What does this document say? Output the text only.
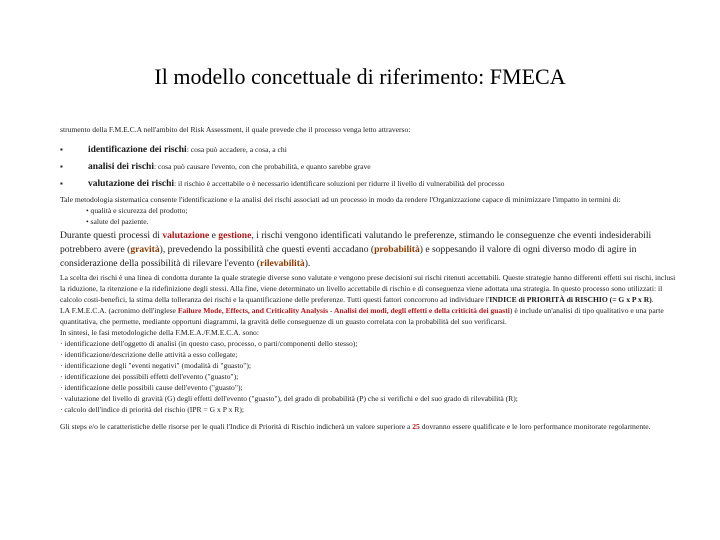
Il modello concettuale di riferimento: FMECA

strumento della F.M.E.C.A nell'ambito del Risk Assessment, il quale prevede che il processo venga letto attraverso:

▪	identificazione dei rischi: cosa può accadere, a cosa, a chi
▪	analisi dei rischi: cosa può causare l'evento, con che probabilità, e quanto sarebbe grave
▪	valutazione dei rischi: il rischio è accettabile o è necessario identificare soluzioni per ridurre il livello di vulnerabilità del processo

Tale metodologia sistematica consente l'identificazione e la analisi dei rischi associati ad un processo in modo da rendere l'Organizzazione capace di minimizzare l'impatto in termini di:

• qualità e sicurezza del prodotto;

• salute del paziente.

Durante questi processi di valutazione e gestione, i rischi vengono identificati valutando le preferenze, stimando le conseguenze che eventi indesiderabili potrebbero avere (gravità), prevedendo la possibilità che questi eventi accadano (probabilità) e soppesando il valore di ogni diverso modo di agire in considerazione della possibilità di rilevare l'evento (rilevabilità).

La scelta dei rischi è una linea di condotta durante la quale strategie diverse sono valutate e vengono prese decisioni sui rischi ritenuti accettabili. Queste strategie hanno differenti effetti sui rischi, inclusi la riduzione, la ritenzione e la ridefinizione degli stessi. Alla fine, viene determinato un livello accettabile di rischio e di conseguenza viene adottata una strategia. In questo processo sono utilizzati: il calcolo costi-benefici, la stima della tolleranza dei rischi e la quantificazione delle preferenze. Tutti questi fattori concorrono ad individuare l'INDICE di PRIORITÀ di RISCHIO (= G x P x R).

LA F.M.E.C.A. (acronimo dell'inglese Failure Mode, Effects, and Criticality Analysis - Analisi dei modi, degli effetti e della criticità dei guasti) è include un'analisi di tipo qualitativo e una parte quantitativa, che permette, mediante opportuni diagrammi, la gravità delle conseguenze di un guasto correlata con la probabilità del suo verificarsi.

In sintesi, le fasi metodologiche della F.M.E.A./F.M.E.C.A. sono:

· identificazione dell'oggetto di analisi (in questo caso, processo, o parti/componenti dello stesso);

· identificazione/descrizione delle attività a esso collegate;

· identificazione degli "eventi negativi" (modalità di "guasto");

· identificazione dei possibili effetti dell'evento ("guasto");

· identificazione delle possibili cause dell'evento ("guasto");

· valutazione del livello di gravità (G) degli effetti dell'evento ("guasto"), del grado di probabilità (P) che si verifichi e del suo grado di rilevabilità (R);

· calcolo dell'indice di priorità del rischio (IPR = G x P x R);

Gli steps e/o le caratteristiche delle risorse per le quali l'Indice di Priorità di Rischio indicherà un valore superiore a 25 dovranno essere qualificate e le loro performance monitorate regolarmente.
